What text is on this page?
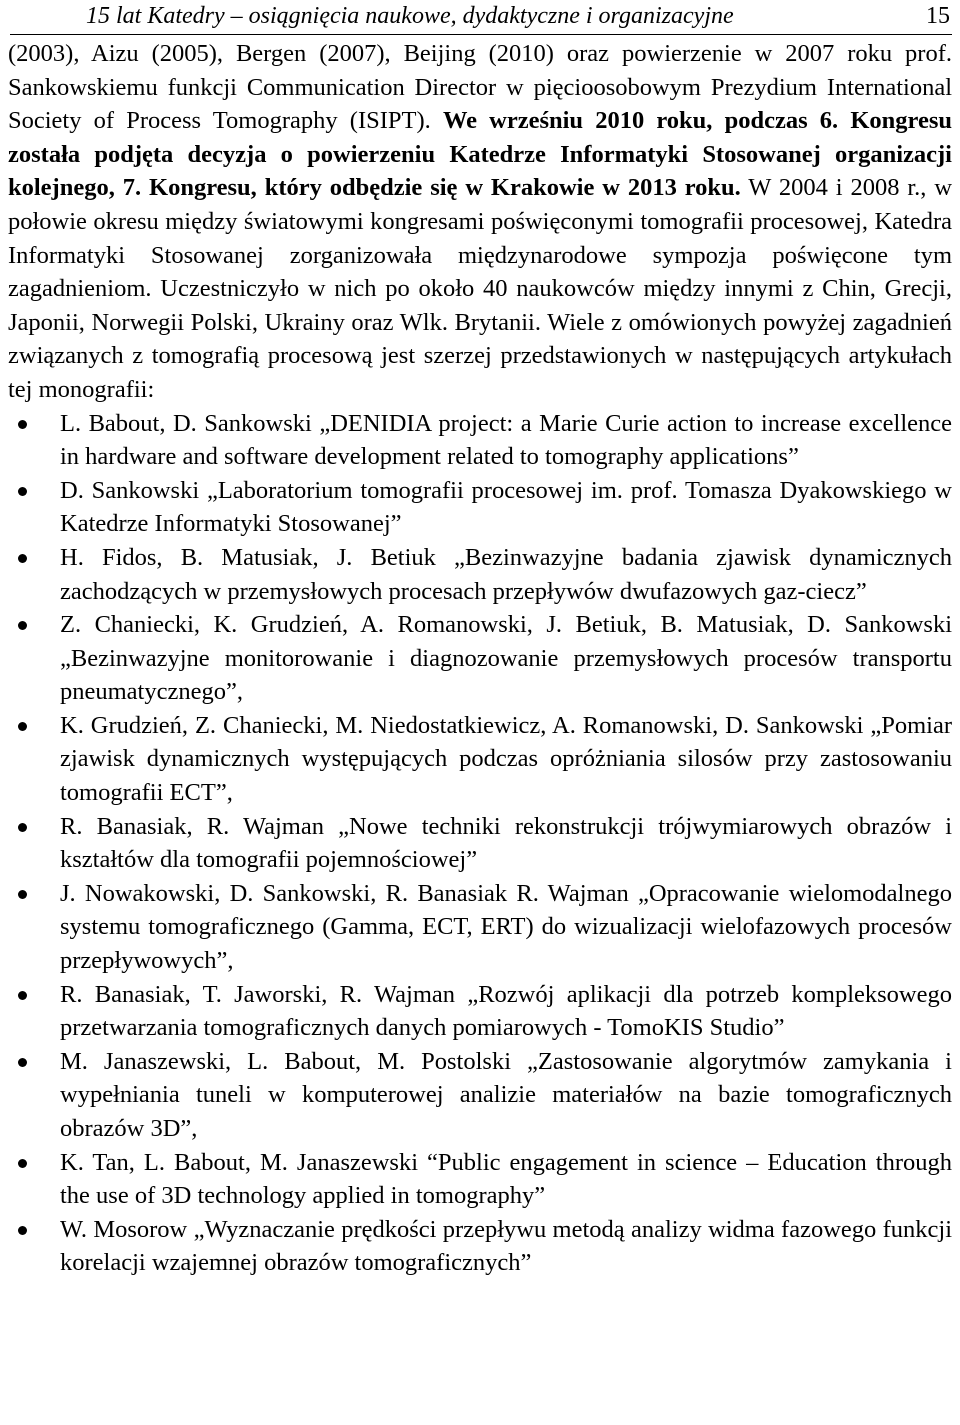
15 lat Katedry – osiągnięcia naukowe, dydaktyczne i organizacyjne	15

(2003), Aizu (2005), Bergen (2007), Beijing (2010) oraz powierzenie w 2007 roku prof. Sankowskiemu funkcji Communication Director w pięcioosobowym Prezydium International Society of Process Tomography (ISIPT). We wrześniu 2010 roku, podczas 6. Kongresu została podjęta decyzja o powierzeniu Katedrze Informatyki Stosowanej organizacji kolejnego, 7. Kongresu, który odbędzie się w Krakowie w 2013 roku. W 2004 i 2008 r., w połowie okresu między światowymi kongresami poświęconymi tomografii procesowej, Katedra Informatyki Stosowanej zorganizowała międzynarodowe sympozja poświęcone tym zagadnieniom. Uczestniczyło w nich po około 40 naukowców między innymi z Chin, Grecji, Japonii, Norwegii Polski, Ukrainy oraz Wlk. Brytanii. Wiele z omówionych powyżej zagadnień związanych z tomografią procesową jest szerzej przedstawionych w następujących artykułach tej monografii:

L. Babout, D. Sankowski „DENIDIA project: a Marie Curie action to increase excellence in hardware and software development related to tomography applications”
D. Sankowski „Laboratorium tomografii procesowej im. prof. Tomasza Dyakowskiego w Katedrze Informatyki Stosowanej”
H. Fidos, B. Matusiak, J. Betiuk „Bezinwazyjne badania zjawisk dynamicznych zachodzących w przemysłowych procesach przepływów dwufazowych gaz-ciecz”
Z. Chaniecki, K. Grudzień, A. Romanowski, J. Betiuk, B. Matusiak, D. Sankowski „Bezinwazyjne monitorowanie i diagnozowanie przemysłowych procesów transportu pneumatycznego”,
K. Grudzień, Z. Chaniecki, M. Niedostatkiewicz, A. Romanowski, D. Sankowski „Pomiar zjawisk dynamicznych występujących podczas opróżniania silosów przy zastosowaniu tomografii ECT”,
R. Banasiak, R. Wajman „Nowe techniki rekonstrukcji trójwymiarowych obrazów i kształtów dla tomografii pojemnościowej”
J. Nowakowski, D. Sankowski, R. Banasiak R. Wajman „Opracowanie wielomodalnego systemu tomograficznego (Gamma, ECT, ERT) do wizualizacji wielofazowych procesów przepływowych”,
R. Banasiak, T. Jaworski, R. Wajman „Rozwój aplikacji dla potrzeb kompleksowego przetwarzania tomograficznych danych pomiarowych - TomoKIS Studio”
M. Janaszewski, L. Babout, M. Postolski „Zastosowanie algorytmów zamykania i wypełniania tuneli w komputerowej analizie materiałów na bazie tomograficznych obrazów 3D”,
K. Tan, L. Babout, M. Janaszewski “Public engagement in science – Education through the use of 3D technology applied in tomography”
W. Mosorow „Wyznaczanie prędkości przepływu metodą analizy widma fazowego funkcji korelacji wzajemnej obrazów tomograficznych”
